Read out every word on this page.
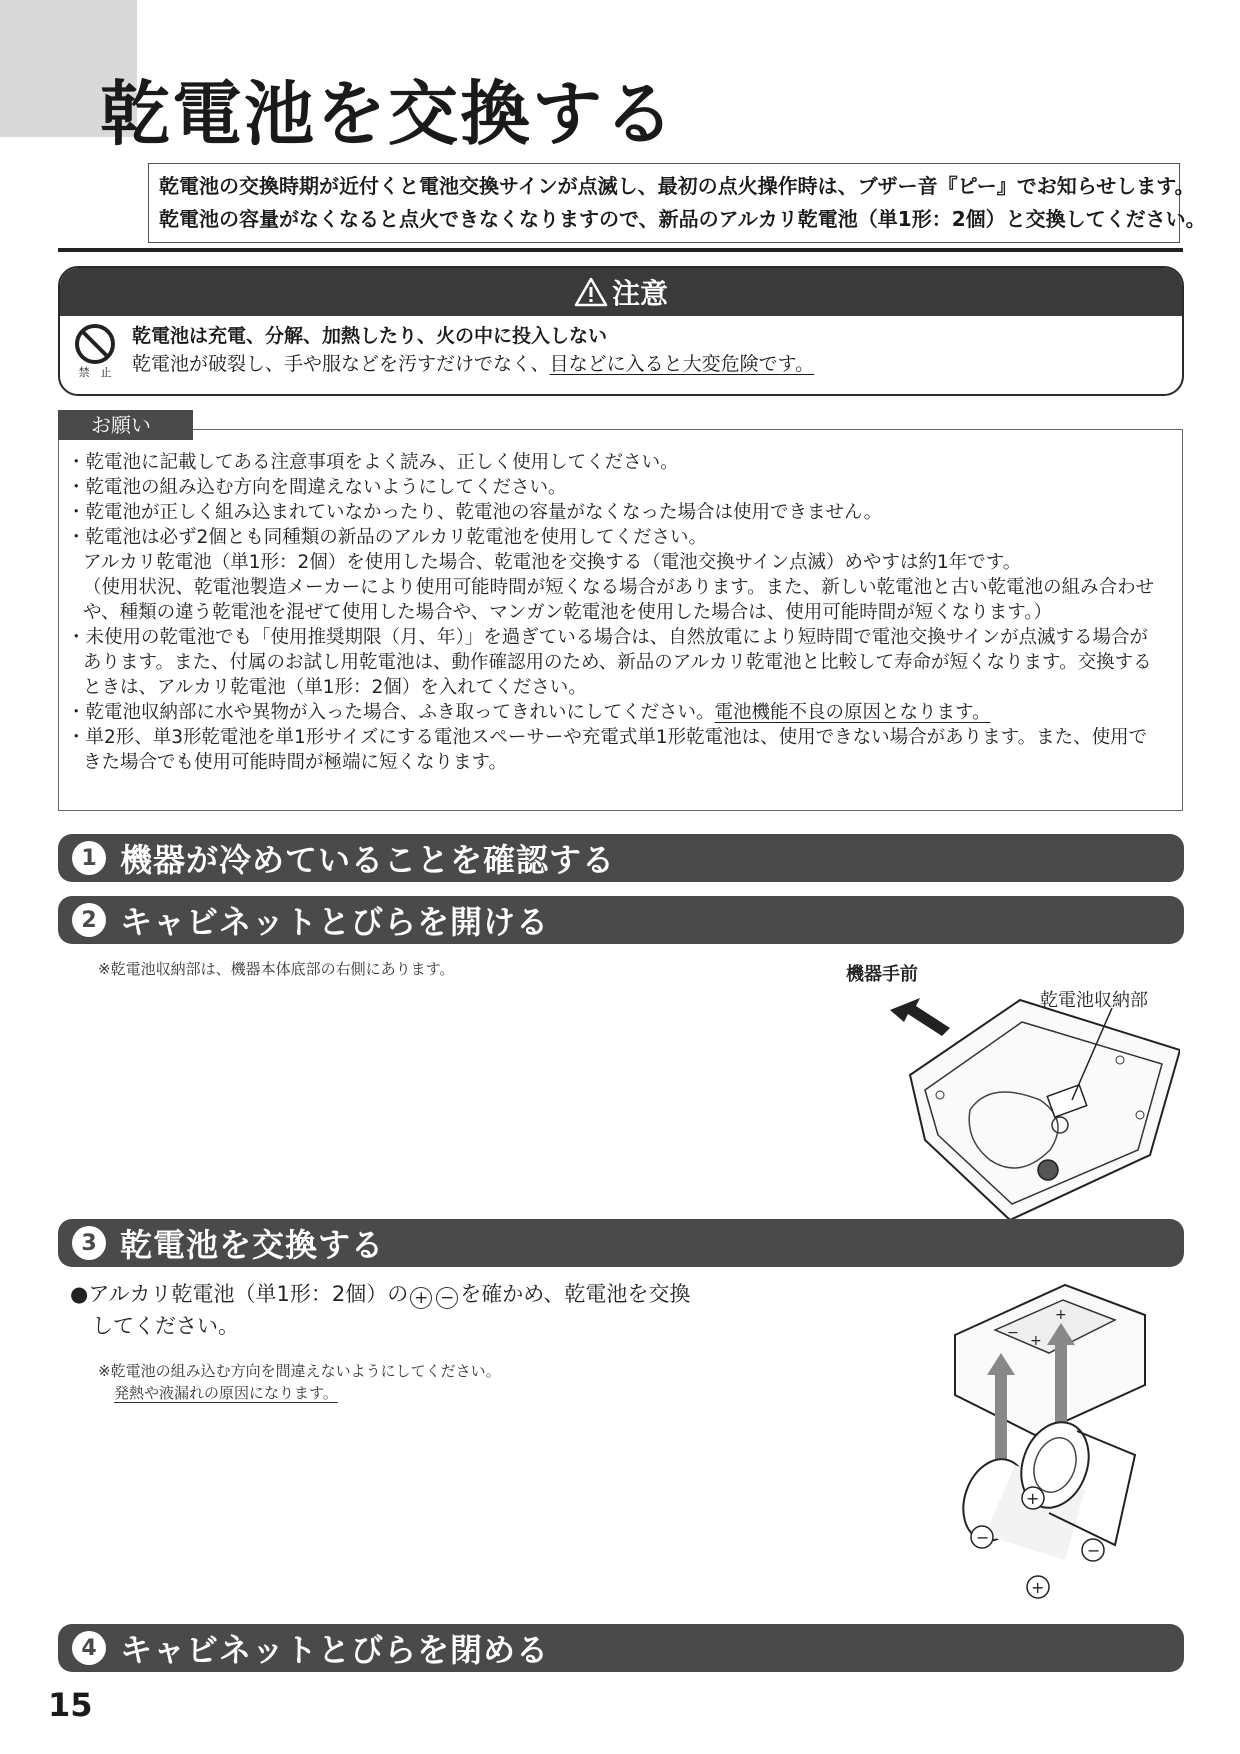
乾電池を交換する

乾電池の交換時期が近付くと電池交換サインが点滅し、最初の点火操作時は、ブザー音『ピー』でお知らせします。

乾電池の容量がなくなると点火できなくなりますので、新品のアルカリ乾電池（単1形：2個）と交換してください。

注意
禁　止
乾電池は充電、分解、加熱したり、火の中に投入しない
乾電池が破裂し、手や服などを汚すだけでなく、目などに入ると大変危険です。
・乾電池に記載してある注意事項をよく読み、正しく使用してください。
・乾電池の組み込む方向を間違えないようにしてください。
・乾電池が正しく組み込まれていなかったり、乾電池の容量がなくなった場合は使用できません。
・乾電池は必ず2個とも同種類の新品のアルカリ乾電池を使用してください。
アルカリ乾電池（単1形：2個）を使用した場合、乾電池を交換する（電池交換サイン点滅）めやすは約1年です。
（使用状況、乾電池製造メーカーにより使用可能時間が短くなる場合があります。また、新しい乾電池と古い乾電池の組み合わせや、種類の違う乾電池を混ぜて使用した場合や、マンガン乾電池を使用した場合は、使用可能時間が短くなります。）
・未使用の乾電池でも「使用推奨期限（月、年）」を過ぎている場合は、自然放電により短時間で電池交換サインが点滅する場合があります。また、付属のお試し用乾電池は、動作確認用のため、新品のアルカリ乾電池と比較して寿命が短くなります。交換するときは、アルカリ乾電池（単1形：2個）を入れてください。
・乾電池収納部に水や異物が入った場合、ふき取ってきれいにしてください。電池機能不良の原因となります。
・単2形、単3形乾電池を単1形サイズにする電池スペーサーや充電式単1形乾電池は、使用できない場合があります。また、使用できた場合でも使用可能時間が極端に短くなります。
お願い
1 機器が冷めていることを確認する
2 キャビネットとびらを開ける
※乾電池収納部は、機器本体底部の右側にあります。	機器手前
乾電池収納部
3 乾電池を交換する
●アルカリ乾電池（単1形：2個）の + − を確かめ、乾電池を交換
してください。
※乾電池の組み込む方向を間違えないようにしてください。
発熱や液漏れの原因になります。
− +
+
+
−
−
+
4 キャビネットとびらを閉める
15
